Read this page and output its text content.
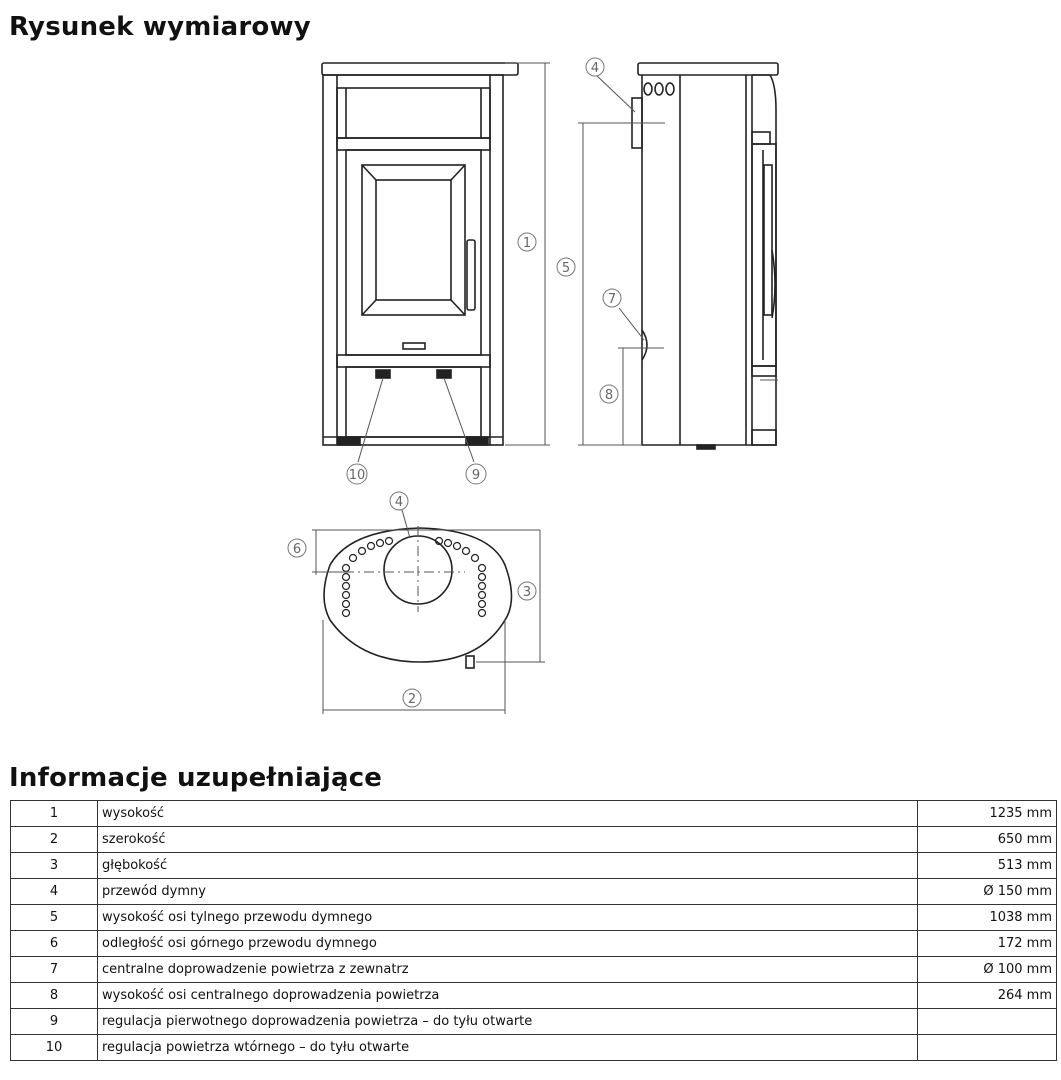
Rysunek wymiarowy
1
5
4
7
8
10	9
4
6
3
2
Informacje uzupełniające
1	wysokość	1235 mm
2	szerokość	650 mm
3	głębokość	513 mm
4	przewód dymny	Ø 150 mm
5	wysokość osi tylnego przewodu dymnego	1038 mm
6	odległość osi górnego przewodu dymnego	172 mm
7	centralne doprowadzenie powietrza z zewnatrz	Ø 100 mm
8	wysokość osi centralnego doprowadzenia powietrza	264 mm
9	regulacja pierwotnego doprowadzenia powietrza – do tyłu otwarte	
10	regulacja powietrza wtórnego – do tyłu otwarte	
